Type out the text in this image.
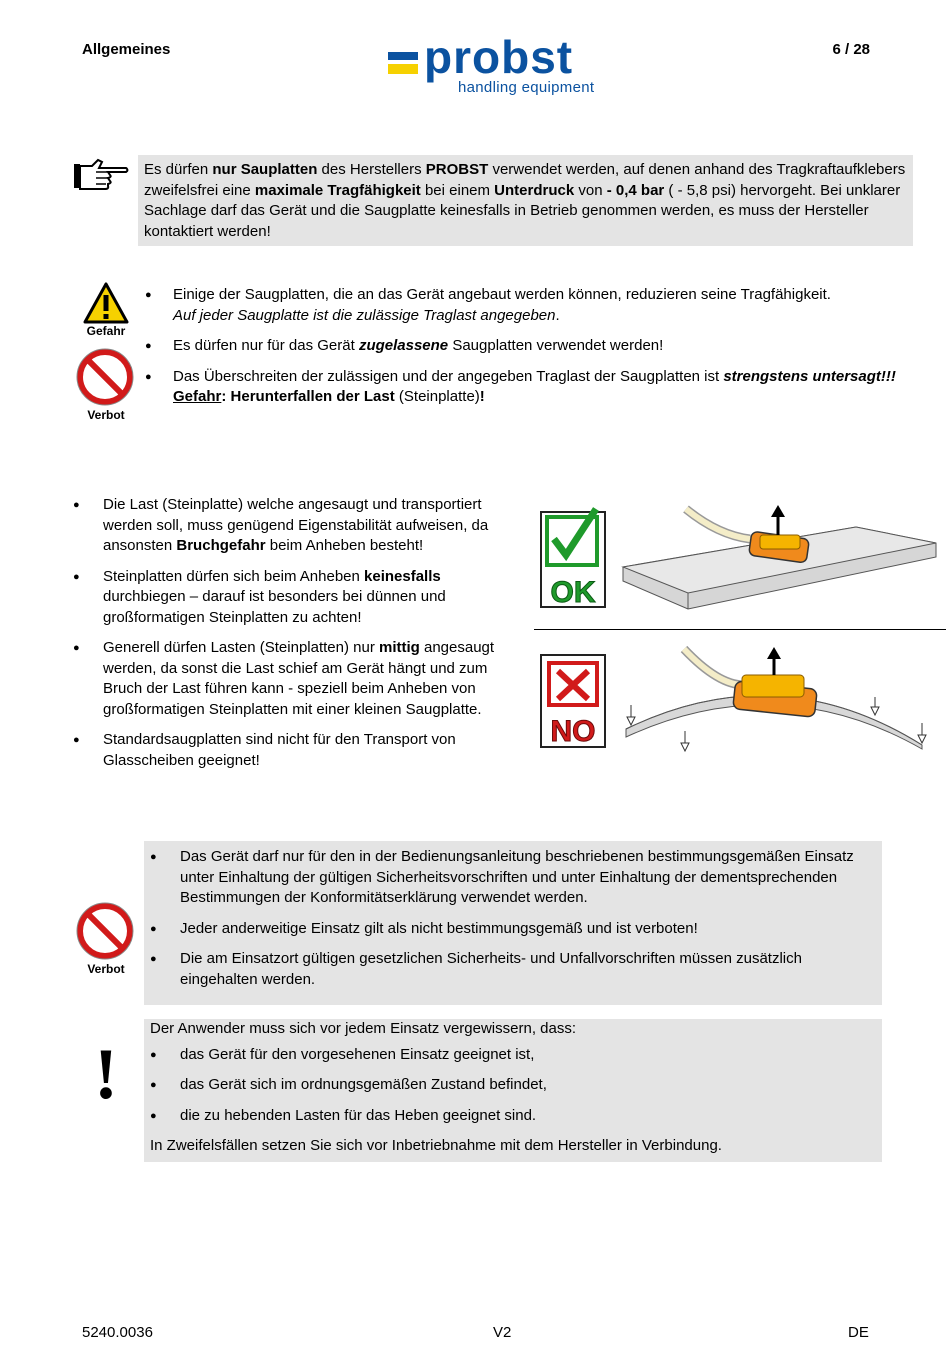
Allgemeines	6 / 28
probst
handling equipment

Es dürfen nur Sauplatten des Herstellers PROBST verwendet werden, auf denen anhand des Tragkraftaufklebers zweifelsfrei eine maximale Tragfähigkeit bei einem Unterdruck von - 0,4 bar ( - 5,8 psi) hervorgeht. Bei unklarer Sachlage darf das Gerät und die Saugplatte keinesfalls in Betrieb genommen werden, es muss der Hersteller kontaktiert werden!

Gefahr
Verbot
● Einige der Saugplatten, die an das Gerät angebaut werden können, reduzieren seine Tragfähigkeit.
Auf jeder Saugplatte ist die zulässige Traglast angegeben.
● Es dürfen nur für das Gerät zugelassene Saugplatten verwendet werden!
● Das Überschreiten der zulässigen und der angegeben Traglast der Saugplatten ist strengstens untersagt!!!
Gefahr: Herunterfallen der Last (Steinplatte)!
● Die Last (Steinplatte) welche angesaugt und transportiert werden soll, muss genügend Eigenstabilität aufweisen, da ansonsten Bruchgefahr beim Anheben besteht!
● Steinplatten dürfen sich beim Anheben keinesfalls durchbiegen – darauf ist besonders bei dünnen und großformatigen Steinplatten zu achten!
● Generell dürfen Lasten (Steinplatten) nur mittig angesaugt werden, da sonst die Last schief am Gerät hängt und zum Bruch der Last führen kann - speziell beim Anheben von großformatigen Steinplatten mit einer kleinen Saugplatte.
● Standardsaugplatten sind nicht für den Transport von Glasscheiben geeignet!
OK
NO
Verbot
● Das Gerät darf nur für den in der Bedienungsanleitung beschriebenen bestimmungsgemäßen Einsatz unter Einhaltung der gültigen Sicherheitsvorschriften und unter Einhaltung der dementsprechenden Bestimmungen der Konformitätserklärung verwendet werden.
● Jeder anderweitige Einsatz gilt als nicht bestimmungsgemäß und ist verboten!
● Die am Einsatzort gültigen gesetzlichen Sicherheits- und Unfallvorschriften müssen zusätzlich eingehalten werden.
!

Der Anwender muss sich vor jedem Einsatz vergewissern, dass:

● das Gerät für den vorgesehenen Einsatz geeignet ist,
● das Gerät sich im ordnungsgemäßen Zustand befindet,
● die zu hebenden Lasten für das Heben geeignet sind.

In Zweifelsfällen setzen Sie sich vor Inbetriebnahme mit dem Hersteller in Verbindung.

5240.0036	V2	DE
